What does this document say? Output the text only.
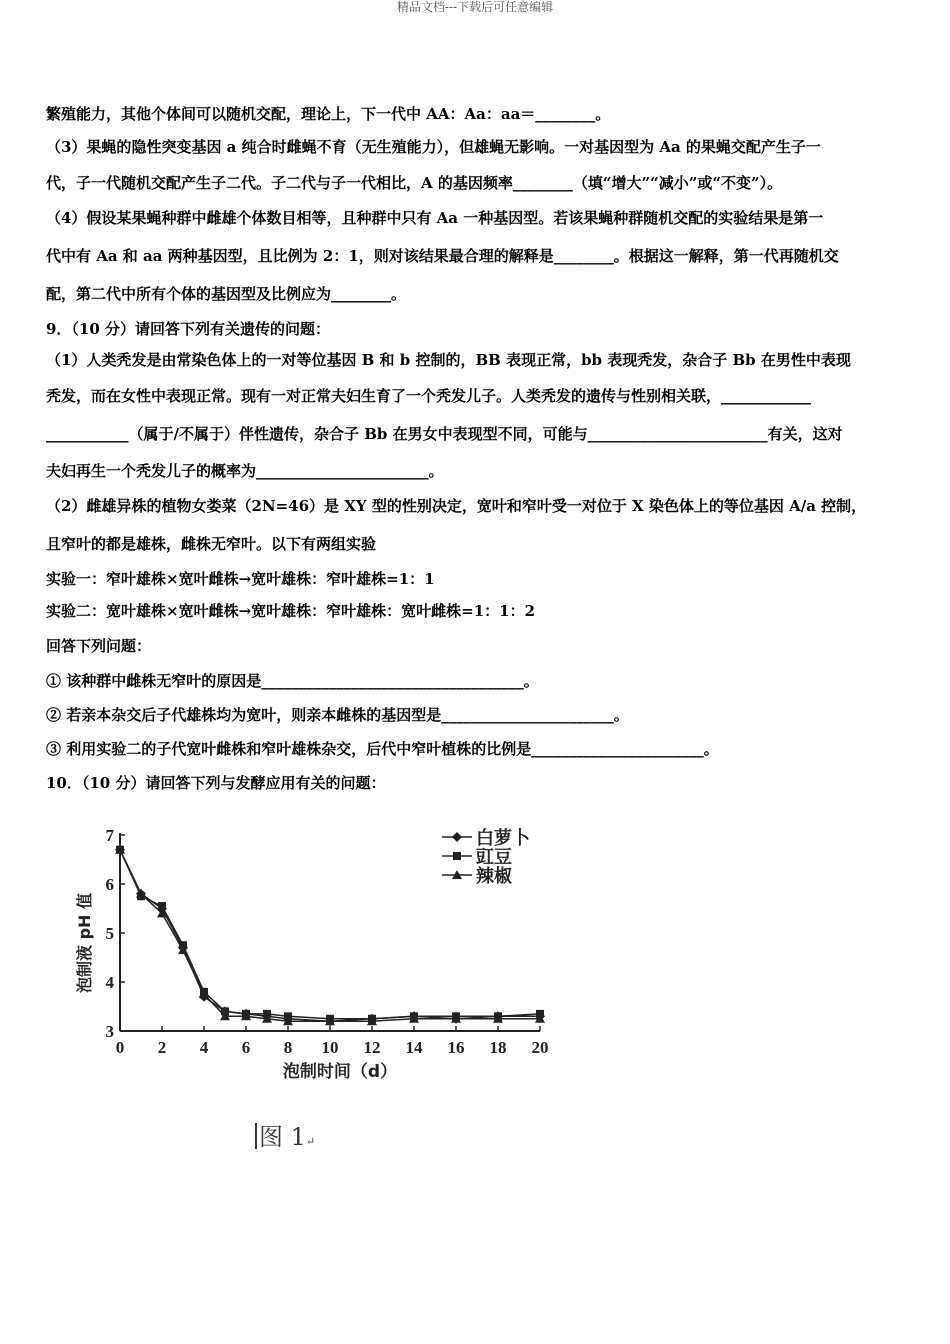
精品文档---下载后可任意编辑
繁殖能力，其他个体间可以随机交配，理论上，下一代中 AA：Aa：aa＝________。
（3）果蝇的隐性突变基因 a 纯合时雌蝇不育（无生殖能力），但雄蝇无影响。一对基因型为 Aa 的果蝇交配产生子一
代，子一代随机交配产生子二代。子二代与子一代相比，A 的基因频率________（填“增大”“减小”或“不变”）。
（4）假设某果蝇种群中雌雄个体数目相等，且种群中只有 Aa 一种基因型。若该果蝇种群随机交配的实验结果是第一
代中有 Aa 和 aa 两种基因型，且比例为 2：1，则对该结果最合理的解释是________。根据这一解释，第一代再随机交
配，第二代中所有个体的基因型及比例应为________。
9．（10 分）请回答下列有关遗传的问题：
（1）人类秃发是由常染色体上的一对等位基因 B 和 b 控制的，BB 表现正常，bb 表现秃发，杂合子 Bb 在男性中表现
秃发，而在女性中表现正常。现有一对正常夫妇生育了一个秃发儿子。人类秃发的遗传与性别相关联，____________
___________（属于/不属于）伴性遗传，杂合子 Bb 在男女中表现型不同，可能与________________________有关，这对
夫妇再生一个秃发儿子的概率为_______________________。
（2）雌雄异株的植物女娄菜（2N=46）是 XY 型的性别决定，宽叶和窄叶受一对位于 X 染色体上的等位基因 A/a 控制，
且窄叶的都是雄株，雌株无窄叶。以下有两组实验
实验一：窄叶雄株×宽叶雌株→宽叶雄株：窄叶雄株=1：1
实验二：宽叶雄株×宽叶雌株→宽叶雄株：窄叶雄株：宽叶雌株=1：1：2
回答下列问题：
① 该种群中雌株无窄叶的原因是___________________________________。
② 若亲本杂交后子代雄株均为宽叶，则亲本雌株的基因型是_______________________。
③ 利用实验二的子代宽叶雌株和窄叶雄株杂交，后代中窄叶植株的比例是_______________________。
10．（10 分）请回答下列与发酵应用有关的问题：
0 2 4 6 8 10 12 14 16 18 20
3
4
5
6
7
泡制时间（d）
泡制液 pH 值
白萝卜
豇豆
辣椒
图 1↵
